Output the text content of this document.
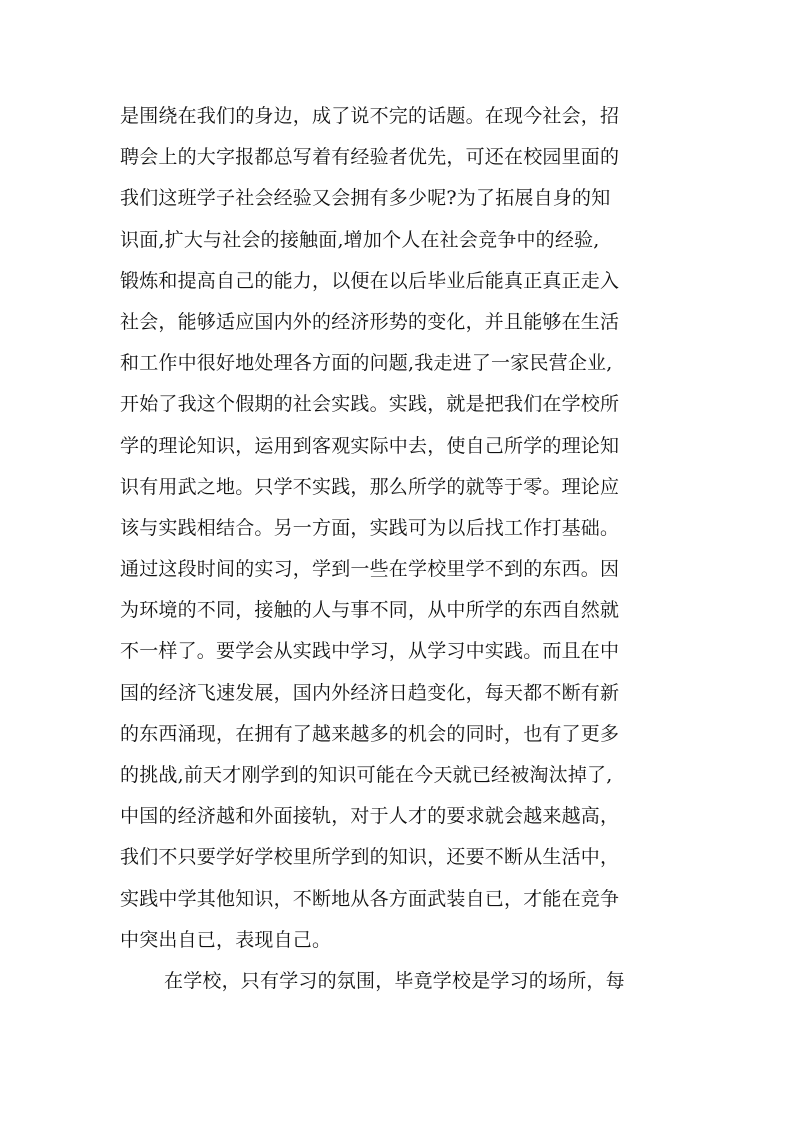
是围绕在我们的身边，成了说不完的话题。在现今社会，招
聘会上的大字报都总写着有经验者优先，可还在校园里面的
我们这班学子社会经验又会拥有多少呢?为了拓展自身的知
识面,扩大与社会的接触面,增加个人在社会竞争中的经验,
锻炼和提高自己的能力，以便在以后毕业后能真正真正走入
社会，能够适应国内外的经济形势的变化，并且能够在生活
和工作中很好地处理各方面的问题,我走进了一家民营企业,
开始了我这个假期的社会实践。实践，就是把我们在学校所
学的理论知识，运用到客观实际中去，使自己所学的理论知
识有用武之地。只学不实践，那么所学的就等于零。理论应
该与实践相结合。另一方面，实践可为以后找工作打基础。
通过这段时间的实习，学到一些在学校里学不到的东西。因
为环境的不同，接触的人与事不同，从中所学的东西自然就
不一样了。要学会从实践中学习，从学习中实践。而且在中
国的经济飞速发展，国内外经济日趋变化，每天都不断有新
的东西涌现，在拥有了越来越多的机会的同时，也有了更多
的挑战,前天才刚学到的知识可能在今天就已经被淘汰掉了,
中国的经济越和外面接轨，对于人才的要求就会越来越高，
我们不只要学好学校里所学到的知识，还要不断从生活中，
实践中学其他知识，不断地从各方面武装自已，才能在竞争
中突出自已，表现自己。
在学校，只有学习的氛围，毕竟学校是学习的场所，每
